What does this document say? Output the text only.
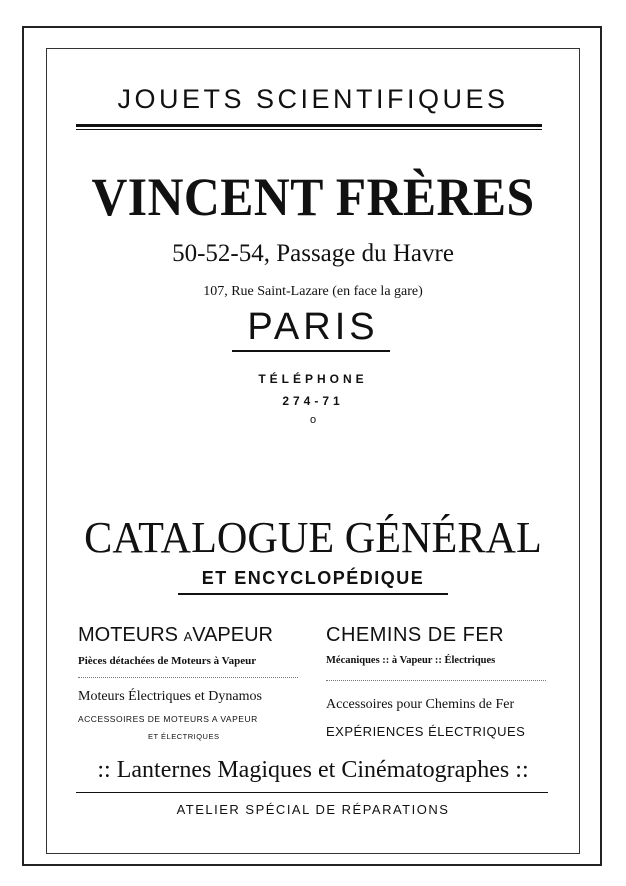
JOUETS SCIENTIFIQUES
VINCENT FRÈRES
50-52-54, Passage du Havre
107, Rue Saint-Lazare (en face la gare)
PARIS
TÉLÉPHONE
274-71
o
CATALOGUE GÉNÉRAL
ET ENCYCLOPÉDIQUE
MOTEURS AVAPEUR
Pièces détachées de Moteurs à Vapeur
Moteurs Électriques et Dynamos
ACCESSOIRES DE MOTEURS A VAPEUR
ET ÉLECTRIQUES
CHEMINS DE FER
Mécaniques :: à Vapeur :: Électriques
Accessoires pour Chemins de Fer
EXPÉRIENCES ÉLECTRIQUES
:: Lanternes Magiques et Cinématographes ::
ATELIER SPÉCIAL DE RÉPARATIONS
